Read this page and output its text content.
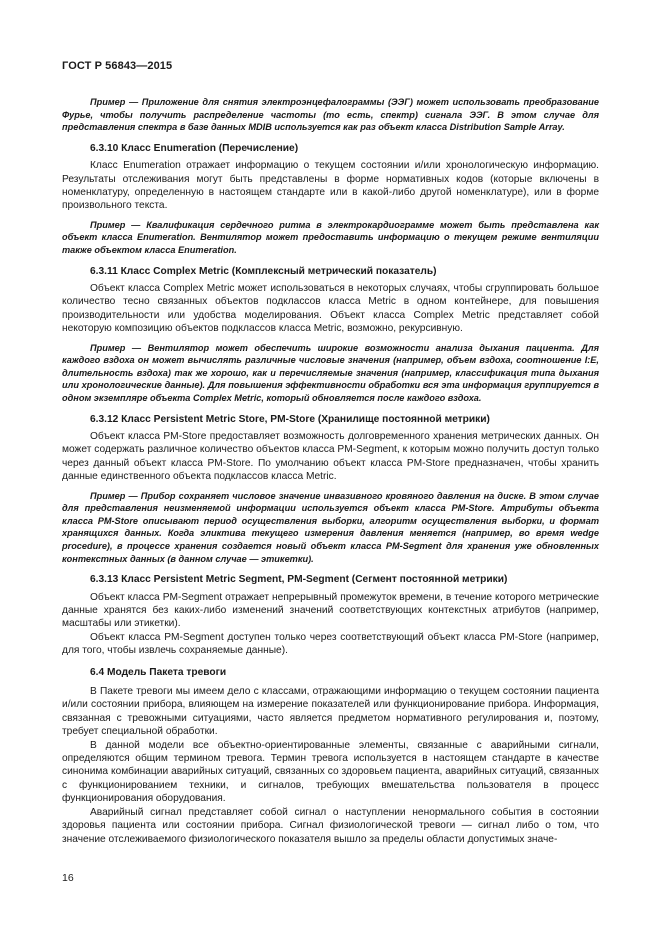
ГОСТ Р 56843—2015

Пример — Приложение для снятия электроэнцефалограммы (ЭЭГ) может использовать преобразование Фурье, чтобы получить распределение частоты (то есть, спектр) сигнала ЭЭГ. В этом случае для представления спектра в базе данных MDIB используется как раз объект класса Distribution Sample Array.

6.3.10 Класс Enumeration (Перечисление)

Класс Enumeration отражает информацию о текущем состоянии и/или хронологическую информацию. Результаты отслеживания могут быть представлены в форме нормативных кодов (которые включены в номенклатуру, определенную в настоящем стандарте или в какой-либо другой номенклатуре), или в форме произвольного текста.

Пример — Квалификация сердечного ритма в электрокардиограмме может быть представлена как объект класса Enumeration. Вентилятор может предоставить информацию о текущем режиме вентиляции также объектом класса Enumeration.

6.3.11 Класс Complex Metric (Комплексный метрический показатель)

Объект класса Complex Metric может использоваться в некоторых случаях, чтобы сгруппировать большое количество тесно связанных объектов подклассов класса Metric в одном контейнере, для повышения производительности или удобства моделирования. Объект класса Complex Metric представляет собой некоторую композицию объектов подклассов класса Metric, возможно, рекурсивную.

Пример — Вентилятор может обеспечить широкие возможности анализа дыхания пациента. Для каждого вздоха он может вычислять различные числовые значения (например, объем вздоха, соотношение I:E, длительность вздоха) так же хорошо, как и перечисляемые значения (например, классификация типа дыхания или хронологические данные). Для повышения эффективности обработки вся эта информация группируется в одном экземпляре объекта Complex Metric, который обновляется после каждого вздоха.

6.3.12 Класс Persistent Metric Store, PM-Store (Хранилище постоянной метрики)

Объект класса PM-Store предоставляет возможность долговременного хранения метрических данных. Он может содержать различное количество объектов класса PM-Segment, к которым можно получить доступ только через данный объект класса PM-Store. По умолчанию объект класса PM-Store предназначен, чтобы хранить данные единственного объекта подклассов класса Metric.

Пример — Прибор сохраняет числовое значение инвазивного кровяного давления на диске. В этом случае для представления неизменяемой информации используется объект класса PM-Store. Атрибуты объекта класса PM-Store описывают период осуществления выборки, алгоритм осуществления выборки, и формат хранящихся данных. Когда эликтива текущего измерения давления меняется (например, во время wedge procedure), в процессе хранения создается новый объект класса PM-Segment для хранения уже обновленных контекстных данных (в данном случае — этикетки).

6.3.13 Класс Persistent Metric Segment, PM-Segment (Сегмент постоянной метрики)

Объект класса PM-Segment отражает непрерывный промежуток времени, в течение которого метрические данные хранятся без каких-либо изменений значений соответствующих контекстных атрибутов (например, масштабы или этикетки).

Объект класса PM-Segment доступен только через соответствующий объект класса PM-Store (например, для того, чтобы извлечь сохраняемые данные).

6.4 Модель Пакета тревоги

В Пакете тревоги мы имеем дело с классами, отражающими информацию о текущем состоянии пациента и/или состоянии прибора, влияющем на измерение показателей или функционирование прибора. Информация, связанная с тревожными ситуациями, часто является предметом нормативного регулирования и, поэтому, требует специальной обработки.

В данной модели все объектно-ориентированные элементы, связанные с аварийными сигнали, определяются общим термином тревога. Термин тревога используется в настоящем стандарте в качестве синонима комбинации аварийных ситуаций, связанных со здоровьем пациента, аварийных ситуаций, связанных с функционированием техники, и сигналов, требующих вмешательства пользователя в процесс функционирования оборудования.

Аварийный сигнал представляет собой сигнал о наступлении ненормального события в состоянии здоровья пациента или состоянии прибора. Сигнал физиологической тревоги — сигнал либо о том, что значение отслеживаемого физиологического показателя вышло за пределы области допустимых значе-

16
